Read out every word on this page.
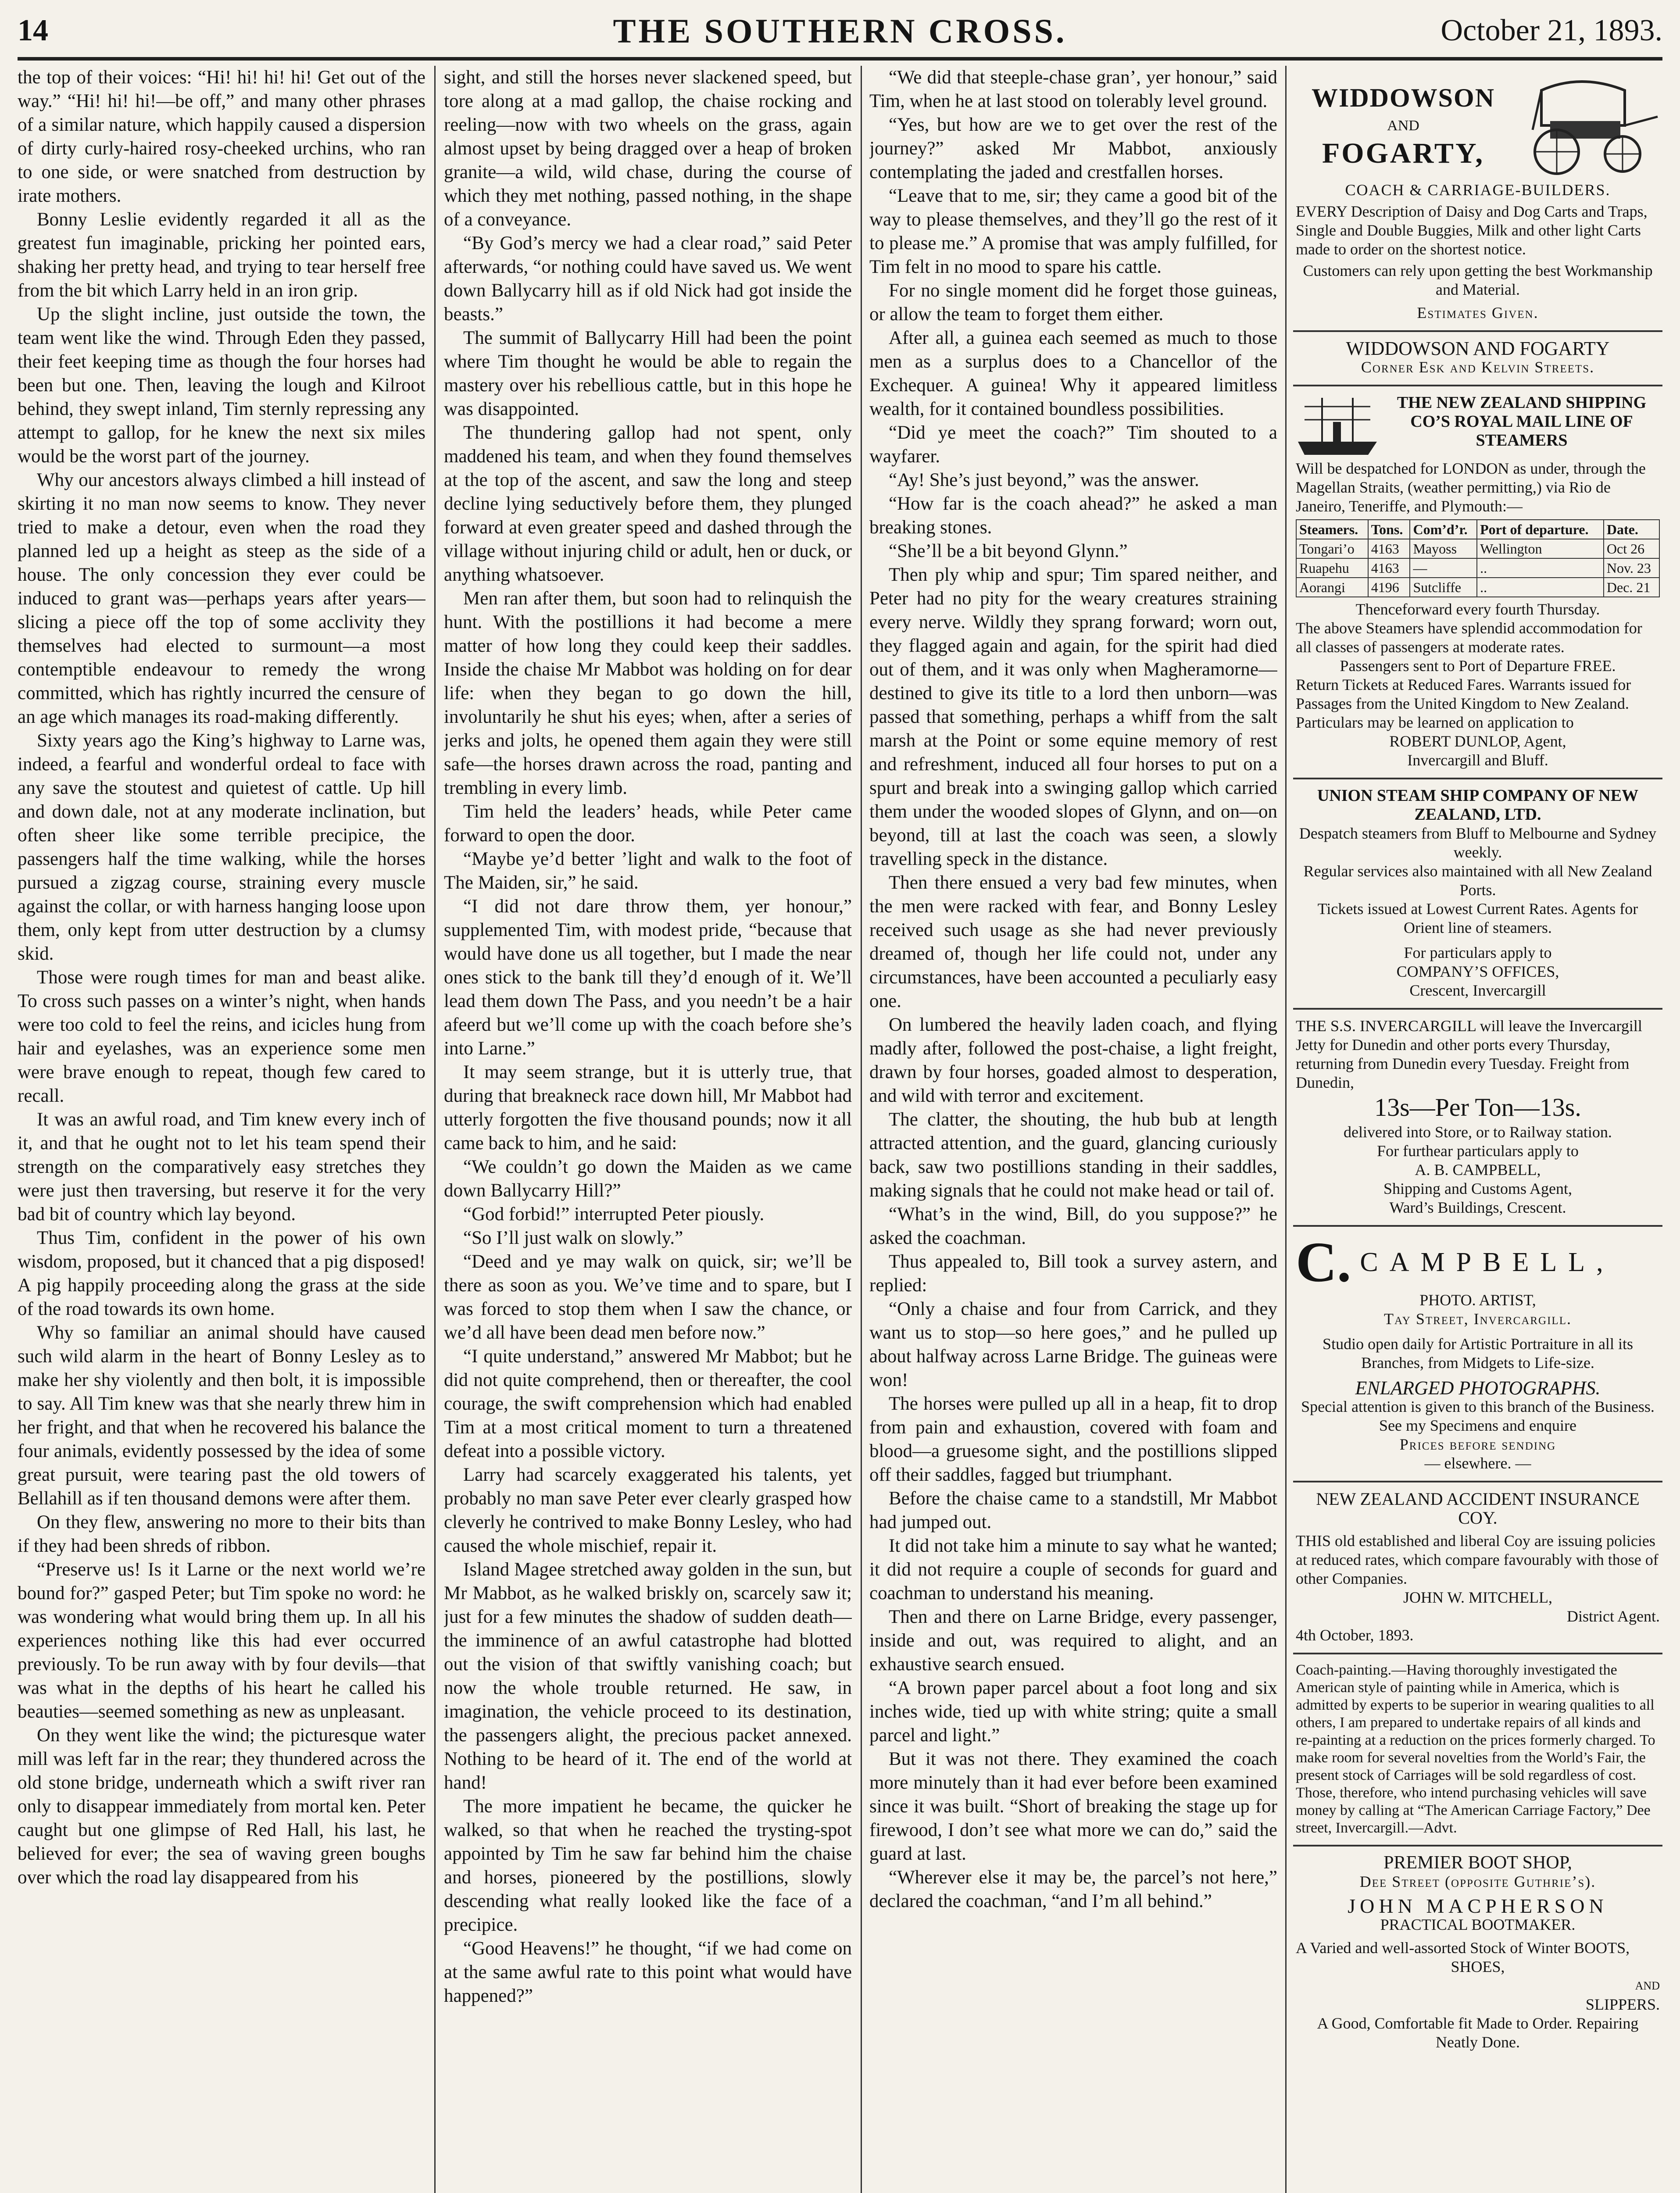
14	THE SOUTHERN CROSS.	October 21, 1893.

the top of their voices: “Hi! hi! hi! hi! Get out of the way.” “Hi! hi! hi!—be off,” and many other phrases of a similar nature, which happily caused a dispersion of dirty curly-haired rosy-cheeked urchins, who ran to one side, or were snatched from destruction by irate mothers.

Bonny Leslie evidently regarded it all as the greatest fun imaginable, pricking her pointed ears, shaking her pretty head, and trying to tear herself free from the bit which Larry held in an iron grip.

Up the slight incline, just outside the town, the team went like the wind. Through Eden they passed, their feet keeping time as though the four horses had been but one. Then, leaving the lough and Kilroot behind, they swept inland, Tim sternly repressing any attempt to gallop, for he knew the next six miles would be the worst part of the journey.

Why our ancestors always climbed a hill instead of skirting it no man now seems to know. They never tried to make a detour, even when the road they planned led up a height as steep as the side of a house. The only concession they ever could be induced to grant was—perhaps years after years—slicing a piece off the top of some acclivity they themselves had elected to surmount—a most contemptible endeavour to remedy the wrong committed, which has rightly incurred the censure of an age which manages its road-making differently.

Sixty years ago the King’s highway to Larne was, indeed, a fearful and wonderful ordeal to face with any save the stoutest and quietest of cattle. Up hill and down dale, not at any moderate inclination, but often sheer like some terrible precipice, the passengers half the time walking, while the horses pursued a zigzag course, straining every muscle against the collar, or with harness hanging loose upon them, only kept from utter destruction by a clumsy skid.

Those were rough times for man and beast alike. To cross such passes on a winter’s night, when hands were too cold to feel the reins, and icicles hung from hair and eyelashes, was an experience some men were brave enough to repeat, though few cared to recall.

It was an awful road, and Tim knew every inch of it, and that he ought not to let his team spend their strength on the comparatively easy stretches they were just then traversing, but reserve it for the very bad bit of country which lay beyond.

Thus Tim, confident in the power of his own wisdom, proposed, but it chanced that a pig disposed! A pig happily proceeding along the grass at the side of the road towards its own home.

Why so familiar an animal should have caused such wild alarm in the heart of Bonny Lesley as to make her shy violently and then bolt, it is impossible to say. All Tim knew was that she nearly threw him in her fright, and that when he recovered his balance the four animals, evidently possessed by the idea of some great pursuit, were tearing past the old towers of Bellahill as if ten thousand demons were after them.

On they flew, answering no more to their bits than if they had been shreds of ribbon.

“Preserve us! Is it Larne or the next world we’re bound for?” gasped Peter; but Tim spoke no word: he was wondering what would bring them up. In all his experiences nothing like this had ever occurred previously. To be run away with by four devils—that was what in the depths of his heart he called his beauties—seemed something as new as unpleasant.

On they went like the wind; the picturesque water mill was left far in the rear; they thundered across the old stone bridge, underneath which a swift river ran only to disappear immediately from mortal ken. Peter caught but one glimpse of Red Hall, his last, he believed for ever; the sea of waving green boughs over which the road lay disappeared from his

sight, and still the horses never slackened speed, but tore along at a mad gallop, the chaise rocking and reeling—now with two wheels on the grass, again almost upset by being dragged over a heap of broken granite—a wild, wild chase, during the course of which they met nothing, passed nothing, in the shape of a conveyance.

“By God’s mercy we had a clear road,” said Peter afterwards, “or nothing could have saved us. We went down Ballycarry hill as if old Nick had got inside the beasts.”

The summit of Ballycarry Hill had been the point where Tim thought he would be able to regain the mastery over his rebellious cattle, but in this hope he was disappointed.

The thundering gallop had not spent, only maddened his team, and when they found themselves at the top of the ascent, and saw the long and steep decline lying seductively before them, they plunged forward at even greater speed and dashed through the village without injuring child or adult, hen or duck, or anything whatsoever.

Men ran after them, but soon had to relinquish the hunt. With the postillions it had become a mere matter of how long they could keep their saddles. Inside the chaise Mr Mabbot was holding on for dear life: when they began to go down the hill, involuntarily he shut his eyes; when, after a series of jerks and jolts, he opened them again they were still safe—the horses drawn across the road, panting and trembling in every limb.

Tim held the leaders’ heads, while Peter came forward to open the door.

“Maybe ye’d better ’light and walk to the foot of The Maiden, sir,” he said.

“I did not dare throw them, yer honour,” supplemented Tim, with modest pride, “because that would have done us all together, but I made the near ones stick to the bank till they’d enough of it. We’ll lead them down The Pass, and you needn’t be a hair afeerd but we’ll come up with the coach before she’s into Larne.”

It may seem strange, but it is utterly true, that during that breakneck race down hill, Mr Mabbot had utterly forgotten the five thousand pounds; now it all came back to him, and he said:

“We couldn’t go down the Maiden as we came down Ballycarry Hill?”

“God forbid!” interrupted Peter piously.

“So I’ll just walk on slowly.”

“Deed and ye may walk on quick, sir; we’ll be there as soon as you. We’ve time and to spare, but I was forced to stop them when I saw the chance, or we’d all have been dead men before now.”

“I quite understand,” answered Mr Mabbot; but he did not quite comprehend, then or thereafter, the cool courage, the swift comprehension which had enabled Tim at a most critical moment to turn a threatened defeat into a possible victory.

Larry had scarcely exaggerated his talents, yet probably no man save Peter ever clearly grasped how cleverly he contrived to make Bonny Lesley, who had caused the whole mischief, repair it.

Island Magee stretched away golden in the sun, but Mr Mabbot, as he walked briskly on, scarcely saw it; just for a few minutes the shadow of sudden death—the imminence of an awful catastrophe had blotted out the vision of that swiftly vanishing coach; but now the whole trouble returned. He saw, in imagination, the vehicle proceed to its destination, the passengers alight, the precious packet annexed. Nothing to be heard of it. The end of the world at hand!

The more impatient he became, the quicker he walked, so that when he reached the trysting-spot appointed by Tim he saw far behind him the chaise and horses, pioneered by the postillions, slowly descending what really looked like the face of a precipice.

“Good Heavens!” he thought, “if we had come on at the same awful rate to this point what would have happened?”

“We did that steeple-chase gran’, yer honour,” said Tim, when he at last stood on tolerably level ground.

“Yes, but how are we to get over the rest of the journey?” asked Mr Mabbot, anxiously contemplating the jaded and crestfallen horses.

“Leave that to me, sir; they came a good bit of the way to please themselves, and they’ll go the rest of it to please me.” A promise that was amply fulfilled, for Tim felt in no mood to spare his cattle.

For no single moment did he forget those guineas, or allow the team to forget them either.

After all, a guinea each seemed as much to those men as a surplus does to a Chancellor of the Exchequer. A guinea! Why it appeared limitless wealth, for it contained boundless possibilities.

“Did ye meet the coach?” Tim shouted to a wayfarer.

“Ay! She’s just beyond,” was the answer.

“How far is the coach ahead?” he asked a man breaking stones.

“She’ll be a bit beyond Glynn.”

Then ply whip and spur; Tim spared neither, and Peter had no pity for the weary creatures straining every nerve. Wildly they sprang forward; worn out, they flagged again and again, for the spirit had died out of them, and it was only when Magheramorne—destined to give its title to a lord then unborn—was passed that something, perhaps a whiff from the salt marsh at the Point or some equine memory of rest and refreshment, induced all four horses to put on a spurt and break into a swinging gallop which carried them under the wooded slopes of Glynn, and on—on beyond, till at last the coach was seen, a slowly travelling speck in the distance.

Then there ensued a very bad few minutes, when the men were racked with fear, and Bonny Lesley received such usage as she had never previously dreamed of, though her life could not, under any circumstances, have been accounted a peculiarly easy one.

On lumbered the heavily laden coach, and flying madly after, followed the post-chaise, a light freight, drawn by four horses, goaded almost to desperation, and wild with terror and excitement.

The clatter, the shouting, the hub bub at length attracted attention, and the guard, glancing curiously back, saw two postillions standing in their saddles, making signals that he could not make head or tail of.

“What’s in the wind, Bill, do you suppose?” he asked the coachman.

Thus appealed to, Bill took a survey astern, and replied:

“Only a chaise and four from Carrick, and they want us to stop—so here goes,” and he pulled up about halfway across Larne Bridge. The guineas were won!

The horses were pulled up all in a heap, fit to drop from pain and exhaustion, covered with foam and blood—a gruesome sight, and the postillions slipped off their saddles, fagged but triumphant.

Before the chaise came to a standstill, Mr Mabbot had jumped out.

It did not take him a minute to say what he wanted; it did not require a couple of seconds for guard and coachman to understand his meaning.

Then and there on Larne Bridge, every passenger, inside and out, was required to alight, and an exhaustive search ensued.

“A brown paper parcel about a foot long and six inches wide, tied up with white string; quite a small parcel and light.”

But it was not there. They examined the coach more minutely than it had ever before been examined since it was built. “Short of breaking the stage up for firewood, I don’t see what more we can do,” said the guard at last.

“Wherever else it may be, the parcel’s not here,” declared the coachman, “and I’m all behind.”

WIDDOWSON
AND
FOGARTY,
COACH & CARRIAGE-BUILDERS.
EVERY Description of Daisy and Dog Carts and Traps, Single and Double Buggies, Milk and other light Carts made to order on the shortest notice.
Customers can rely upon getting the best Workmanship and Material.
Estimates Given.
WIDDOWSON AND FOGARTY
Corner Esk and Kelvin Streets.
THE NEW ZEALAND SHIPPING CO’S ROYAL MAIL LINE OF STEAMERS
Will be despatched for LONDON as under, through the Magellan Straits, (weather permitting,) via Rio de Janeiro, Teneriffe, and Plymouth:—
Steamers.	Tons.	Com’d’r.	Port of departure.	Date.
Tongari’o	4163	Mayoss	Wellington	Oct 26
Ruapehu	4163	—	..	Nov. 23
Aorangi	4196	Sutcliffe	..	Dec. 21
Thenceforward every fourth Thursday.
The above Steamers have splendid accommodation for all classes of passengers at moderate rates.
Passengers sent to Port of Departure FREE.
Return Tickets at Reduced Fares. Warrants issued for Passages from the United Kingdom to New Zealand. Particulars may be learned on application to
ROBERT DUNLOP, Agent,
Invercargill and Bluff.
UNION STEAM SHIP COMPANY OF NEW ZEALAND, LTD.
Despatch steamers from Bluff to Melbourne and Sydney weekly.
Regular services also maintained with all New Zealand Ports.
Tickets issued at Lowest Current Rates. Agents for Orient line of steamers.
For particulars apply to
COMPANY’S OFFICES,
Crescent, Invercargill
THE S.S. INVERCARGILL will leave the Invercargill Jetty for Dunedin and other ports every Thursday, returning from Dunedin every Tuesday. Freight from Dunedin,
13s—Per Ton—13s.
delivered into Store, or to Railway station.
For furthear particulars apply to
A. B. CAMPBELL,
Shipping and Customs Agent,
Ward’s Buildings, Crescent.
C. CAMPBELL,
PHOTO. ARTIST,
Tay Street, Invercargill.
Studio open daily for Artistic Portraiture in all its Branches, from Midgets to Life-size.
ENLARGED PHOTOGRAPHS.
Special attention is given to this branch of the Business. See my Specimens and enquire
Prices before sending
— elsewhere. —
NEW ZEALAND ACCIDENT INSURANCE COY.
THIS old established and liberal Coy are issuing policies at reduced rates, which compare favourably with those of other Companies.
JOHN W. MITCHELL,
District Agent.
4th October, 1893.
Coach-painting.—Having thoroughly investigated the American style of painting while in America, which is admitted by experts to be superior in wearing qualities to all others, I am prepared to undertake repairs of all kinds and re-painting at a reduction on the prices formerly charged. To make room for several novelties from the World’s Fair, the present stock of Carriages will be sold regardless of cost. Those, therefore, who intend purchasing vehicles will save money by calling at “The American Carriage Factory,” Dee street, Invercargill.—Advt.
PREMIER BOOT SHOP,
Dee Street (opposite Guthrie’s).
JOHN MACPHERSON
PRACTICAL BOOTMAKER.
A Varied and well-assorted Stock of Winter BOOTS,
SHOES,
AND
SLIPPERS.
A Good, Comfortable fit Made to Order. Repairing Neatly Done.
